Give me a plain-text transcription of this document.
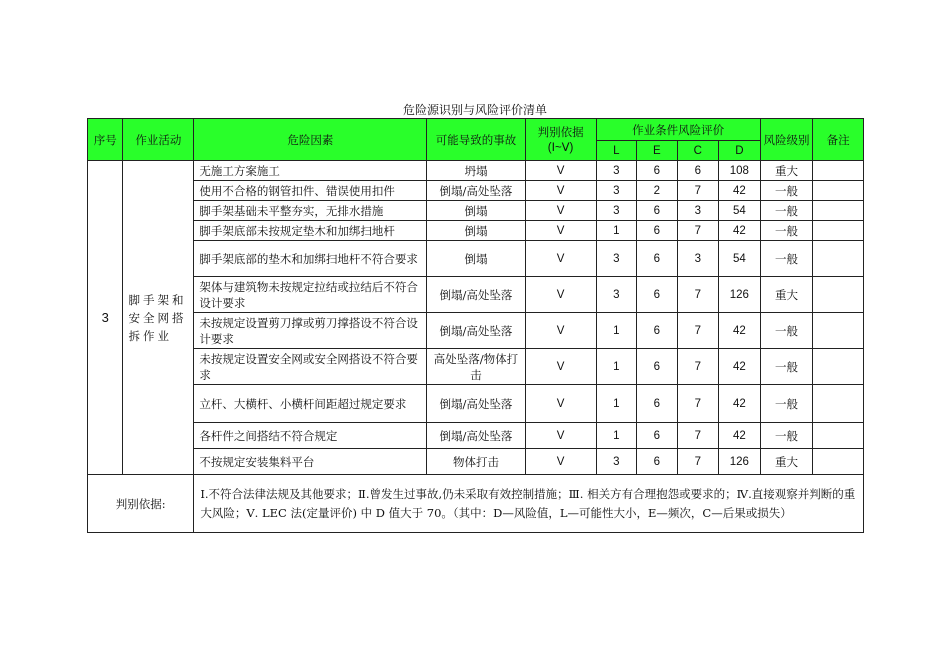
危险源识别与风险评价清单
序号	作业活动	危险因素	可能导致的事故	判别依据
(Ⅰ~Ⅴ)	作业条件风险评价				风险级别	备注
					L	E	C	D		
3	脚手架和安全网搭拆作业	无施工方案施工	坍塌	V	3	6	6	108	重大	
		使用不合格的钢管扣件、错误使用扣件	倒塌/高处坠落	V	3	2	7	42	一般	
		脚手架基础未平整夯实，无排水措施	倒塌	V	3	6	3	54	一般	
		脚手架底部未按规定垫木和加绑扫地杆	倒塌	V	1	6	7	42	一般	
		脚手架底部的垫木和加绑扫地杆不符合要求	倒塌	V	3	6	3	54	一般	
		架体与建筑物未按规定拉结或拉结后不符合设计要求	倒塌/高处坠落	V	3	6	7	126	重大	
		未按规定设置剪刀撑或剪刀撑搭设不符合设计要求	倒塌/高处坠落	V	1	6	7	42	一般	
		未按规定设置安全网或安全网搭设不符合要求	高处坠落/物体打击	V	1	6	7	42	一般	
		立杆、大横杆、小横杆间距超过规定要求	倒塌/高处坠落	V	1	6	7	42	一般	
		各杆件之间搭结不符合规定	倒塌/高处坠落	V	1	6	7	42	一般	
		不按规定安装集料平台	物体打击	V	3	6	7	126	重大	
判别依据:		Ⅰ.不符合法律法规及其他要求；Ⅱ.曾发生过事故,仍未采取有效控制措施；Ⅲ. 相关方有合理抱怨或要求的；Ⅳ.直接观察并判断的重大风险；Ⅴ. LEC 法(定量评价) 中 D 值大于 70。（其中：D—风险值，L—可能性大小，E—频次，C—后果或损失）								
